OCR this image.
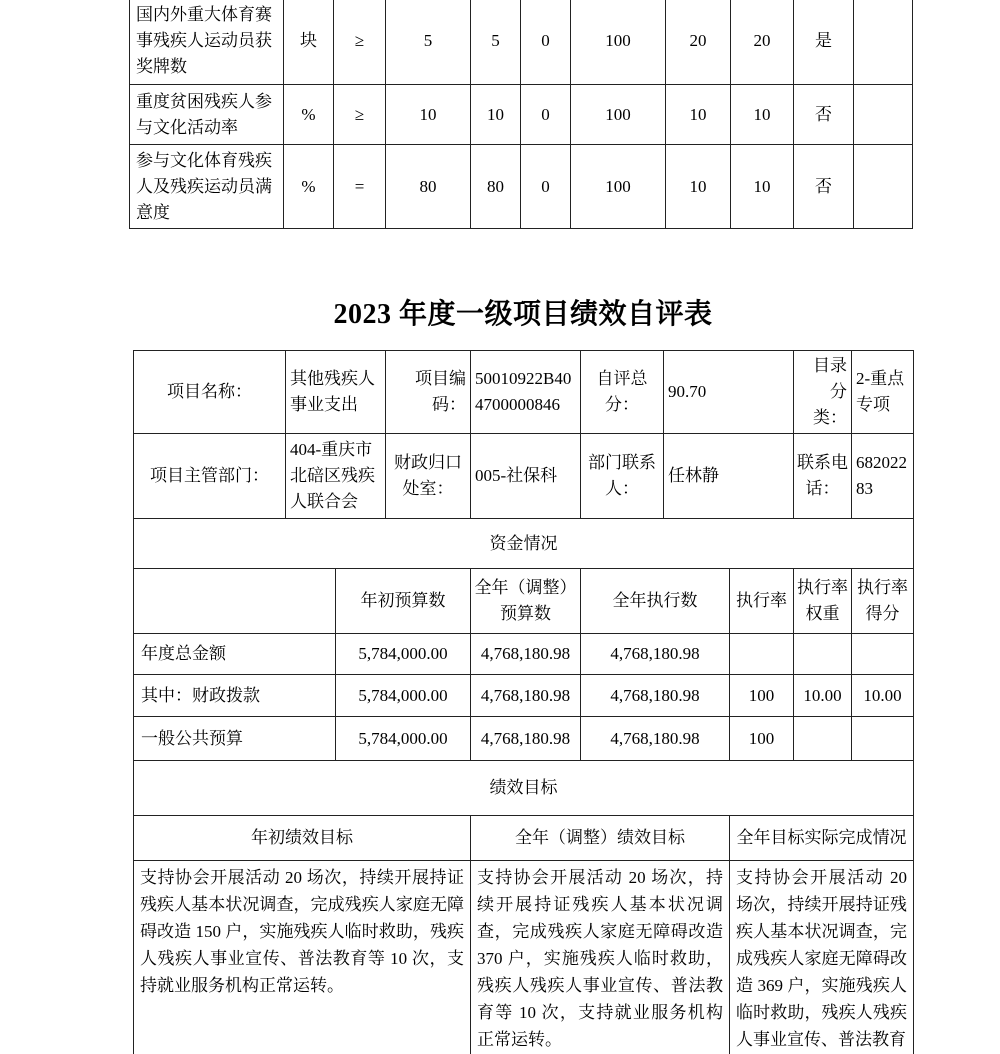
国内外重大体育赛事残疾人运动员获奖牌数	块	≥	5	5	0	100	20	20	是	
重度贫困残疾人参与文化活动率	%	≥	10	10	0	100	10	10	否	
参与文化体育残疾人及残疾运动员满意度	%	=	80	80	0	100	10	10	否	
2023 年度一级项目绩效自评表
项目名称：	其他残疾人事业支出		项目编码：	50010922B404700000846	自评总分：	90.70		目录分类：	2-重点专项
项目主管部门：	404-重庆市北碚区残疾人联合会		财政归口处室：	005-社保科	部门联系人：	任林静		联系电话：	68202283
资金情况									
		年初预算数		全年（调整）预算数	全年执行数		执行率	执行率权重	执行率得分
年度总金额		5,784,000.00		4,768,180.98	4,768,180.98				
其中：财政拨款		5,784,000.00		4,768,180.98	4,768,180.98		100	10.00	10.00
一般公共预算		5,784,000.00		4,768,180.98	4,768,180.98		100		
绩效目标									
年初绩效目标				全年（调整）绩效目标			全年目标实际完成情况		
支持协会开展活动 20 场次，持续开展持证残疾人基本状况调查，完成残疾人家庭无障碍改造 150 户，实施残疾人临时救助，残疾人残疾人事业宣传、普法教育等 10 次，支持就业服务机构正常运转。				支持协会开展活动 20 场次，持续开展持证残疾人基本状况调查，完成残疾人家庭无障碍改造 370 户，实施残疾人临时救助，残疾人残疾人事业宣传、普法教育等 10 次，支持就业服务机构正常运转。			支持协会开展活动 20 场次，持续开展持证残疾人基本状况调查，完成残疾人家庭无障碍改造 369 户，实施残疾人临时救助，残疾人残疾人事业宣传、普法教育		
